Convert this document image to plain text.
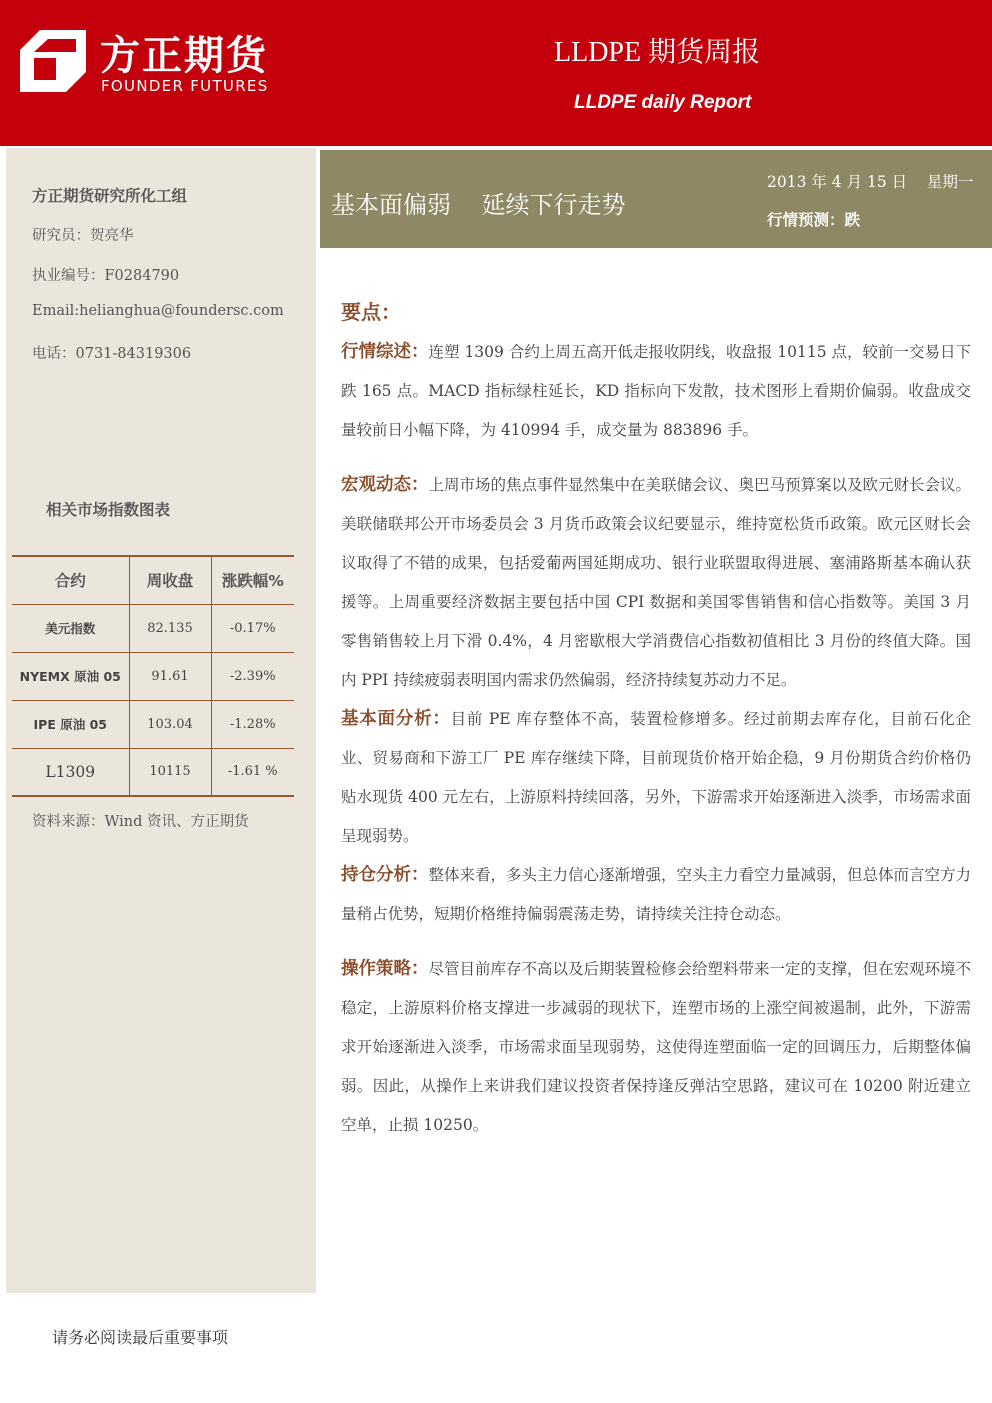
方正期货
FOUNDER FUTURES
LLDPE 期货周报
LLDPE daily Report
方正期货研究所化工组
研究员：贺亮华
执业编号：F0284790
Email:helianghua@foundersc.com
电话：0731-84319306
相关市场指数图表
合约	周收盘	涨跌幅%
美元指数	82.135	-0.17%
NYEMX 原油 05	91.61	-2.39%
IPE 原油 05	103.04	-1.28%
L1309	10115	-1.61 %
资料来源：Wind 资讯、方正期货
请务必阅读最后重要事项
基本面偏弱    延续下行走势
2013 年 4 月 15 日    星期一
行情预测：跌
要点：

行情综述：连塑 1309 合约上周五高开低走报收阴线，收盘报 10115 点，较前一交易日下跌 165 点。MACD 指标绿柱延长，KD 指标向下发散，技术图形上看期价偏弱。收盘成交量较前日小幅下降，为 410994 手，成交量为 883896 手。

宏观动态：上周市场的焦点事件显然集中在美联储会议、奥巴马预算案以及欧元财长会议。美联储联邦公开市场委员会 3 月货币政策会议纪要显示，维持宽松货币政策。欧元区财长会议取得了不错的成果，包括爱葡两国延期成功、银行业联盟取得进展、塞浦路斯基本确认获援等。上周重要经济数据主要包括中国 CPI 数据和美国零售销售和信心指数等。美国 3 月零售销售较上月下滑 0.4%，4 月密歇根大学消费信心指数初值相比 3 月份的终值大降。国内 PPI 持续疲弱表明国内需求仍然偏弱，经济持续复苏动力不足。

基本面分析：目前 PE 库存整体不高，装置检修增多。经过前期去库存化，目前石化企业、贸易商和下游工厂 PE 库存继续下降，目前现货价格开始企稳，9 月份期货合约价格仍贴水现货 400 元左右，上游原料持续回落，另外，下游需求开始逐渐进入淡季，市场需求面呈现弱势。

持仓分析：整体来看，多头主力信心逐渐增强，空头主力看空力量减弱，但总体而言空方力量稍占优势，短期价格维持偏弱震荡走势，请持续关注持仓动态。

操作策略：尽管目前库存不高以及后期装置检修会给塑料带来一定的支撑，但在宏观环境不稳定，上游原料价格支撑进一步减弱的现状下，连塑市场的上涨空间被遏制，此外，下游需求开始逐渐进入淡季，市场需求面呈现弱势，这使得连塑面临一定的回调压力，后期整体偏弱。因此，从操作上来讲我们建议投资者保持逢反弹沽空思路，建议可在 10200 附近建立空单，止损 10250。
